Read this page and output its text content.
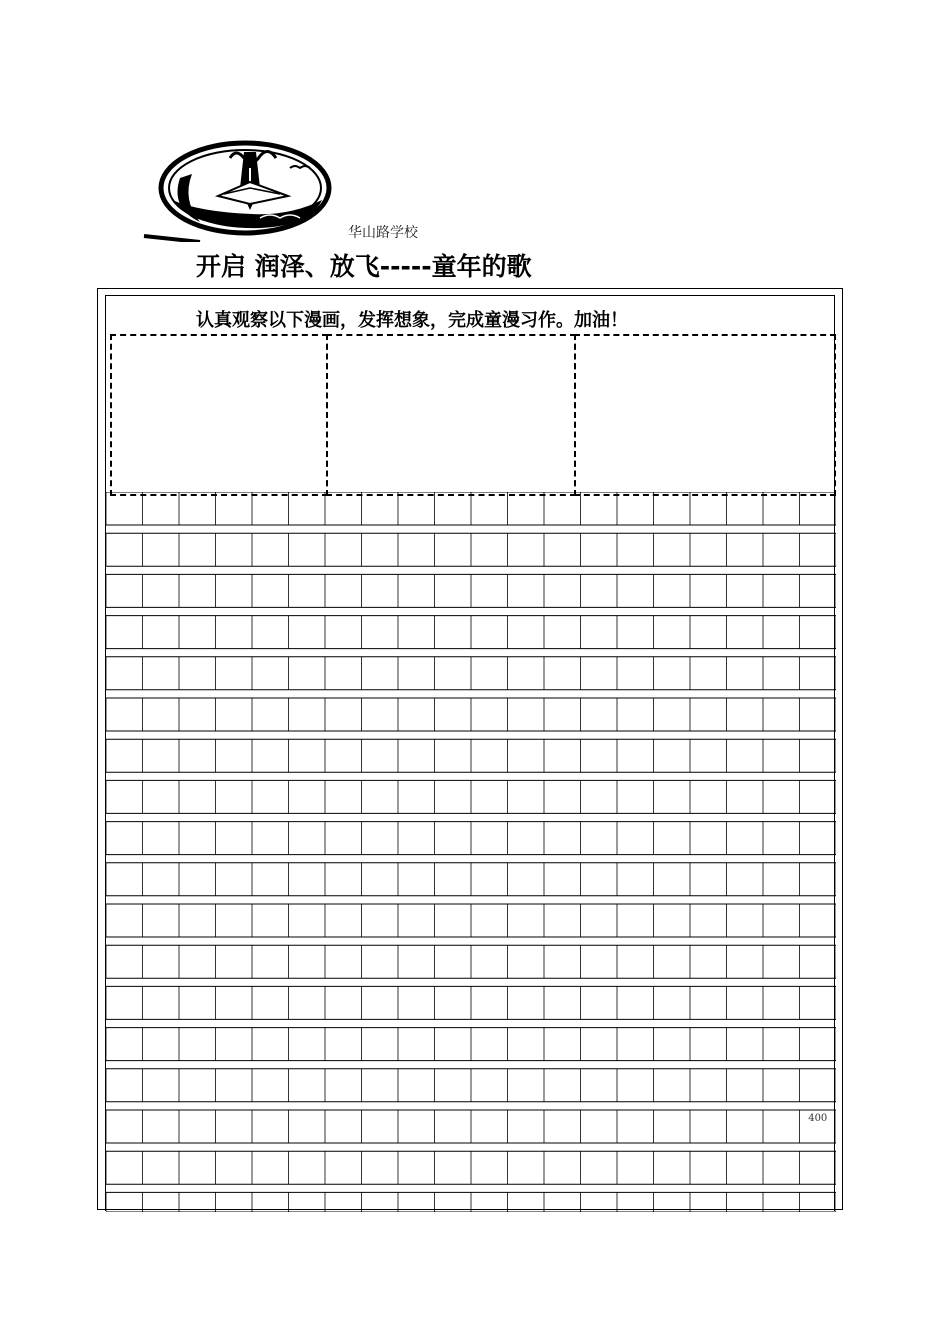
华山路学校
开启 润泽、放飞-----童年的歌
认真观察以下漫画，发挥想象，完成童漫习作。加油！
400
